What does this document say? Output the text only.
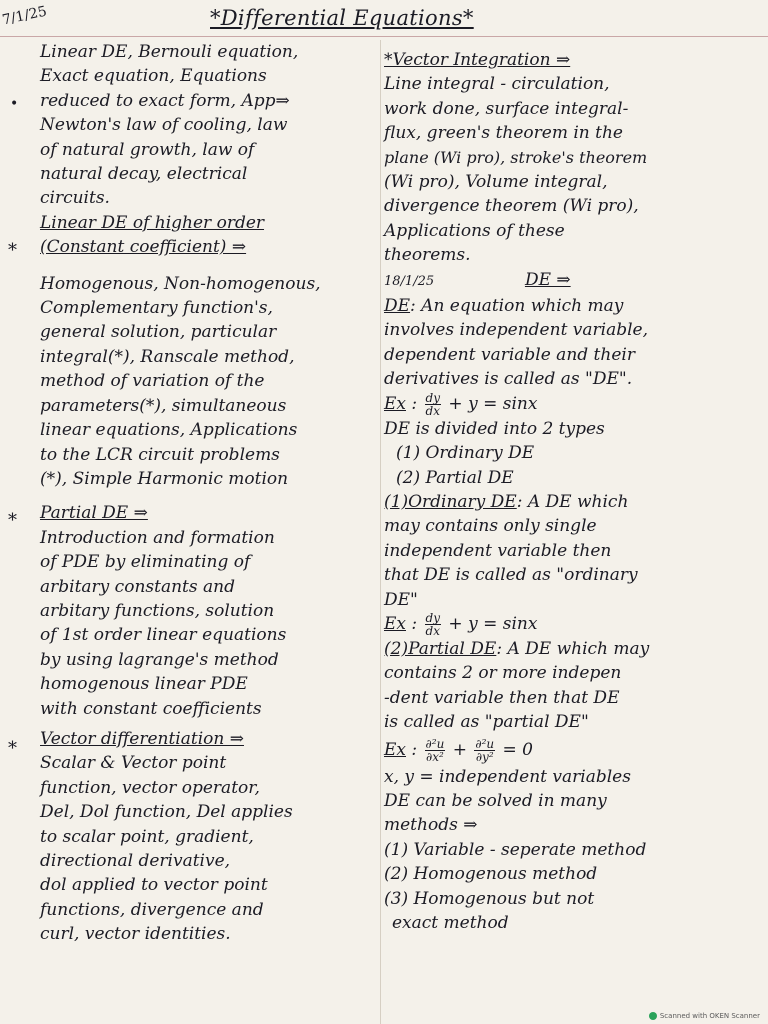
7/1/25	*Differential Equations*
•
*
*
*
Linear DE, Bernouli equation,
Exact equation, Equations
reduced to exact form, App⇒
Newton's law of cooling, law
of natural growth, law of
natural decay, electrical
circuits.
Linear DE of higher order
(Constant coefficient) ⇒
Homogenous, Non-homogenous,
Complementary function's,
general solution, particular
integral(*), Ranscale method,
method of variation of the
parameters(*), simultaneous
linear equations, Applications
to the LCR circuit problems
(*), Simple Harmonic motion
Partial DE ⇒
Introduction and formation
of PDE by eliminating of
arbitary constants and
arbitary functions, solution
of 1st order linear equations
by using lagrange's method
homogenous linear PDE
with constant coefficients
Vector differentiation ⇒
Scalar & Vector point
function, vector operator,
Del, Dol function, Del applies
to scalar point, gradient,
directional derivative,
dol applied to vector point
functions, divergence and
curl, vector identities.
*Vector Integration ⇒
Line integral - circulation,
work done, surface integral-
flux, green's theorem in the
plane (Wi pro), stroke's theorem
(Wi pro), Volume integral,
divergence theorem (Wi pro),
Applications of these
theorems.
18/1/25	DE ⇒
DE: An equation which may
involves independent variable,
dependent variable and their
derivatives is called as "DE".
Ex : $\frac{dy}{dx} + y = \sin x$
DE is divided into 2 types
(1) Ordinary DE
(2) Partial DE
(1)Ordinary DE: A DE which
may contains only single
independent variable then
that DE is called as "ordinary
DE"
Ex : $\frac{dy}{dx} + y = \sin x$
(2)Partial DE: A DE which may
contains 2 or more indepen
-dent variable then that DE
is called as "partial DE"
Ex : $\frac{\text{∂²u}}{\text{∂x²}} + \frac{\text{∂²u}}{\text{∂y²}} = 0$
x, y = independent variables
DE can be solved in many
methods ⇒
(1) Variable - seperate method
(2) Homogenous method
(3) Homogenous but not
exact method
Scanned with OKEN Scanner
